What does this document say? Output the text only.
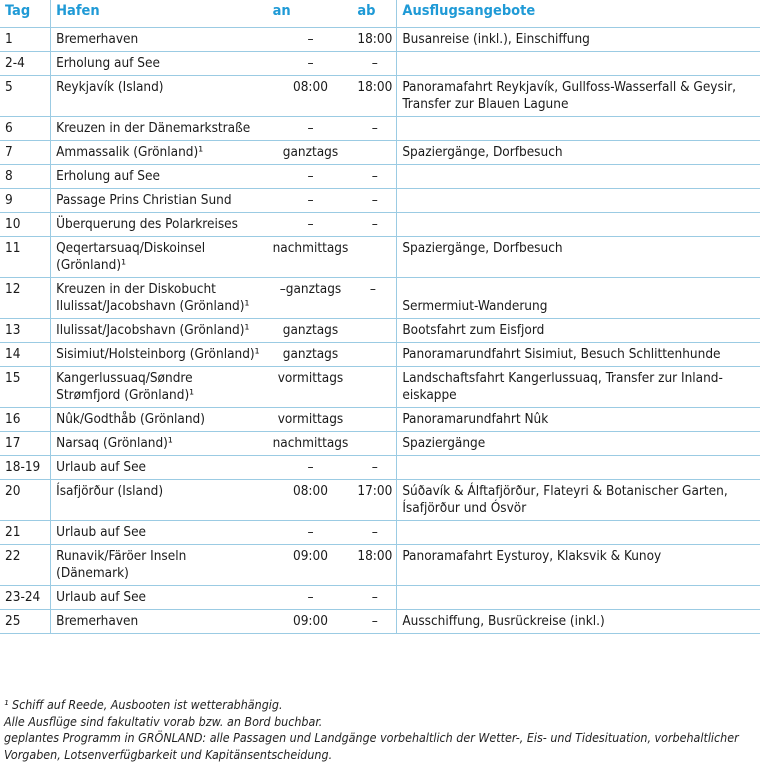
Tag	Hafen	an	ab	Ausflugsangebote
1	Bremerhaven	–	18:00	Busanreise (inkl.), Einschiffung

2-4	Erholung auf See	–	–	

5	Reykjavík (Island)	08:00	18:00	Panoramafahrt Reykjavík, Gullfoss-Wasserfall & Geysir,
Transfer zur Blauen Lagune

6	Kreuzen in der Dänemarkstraße	–	–	

7	Ammassalik (Grönland)¹	ganztags		Spaziergänge, Dorfbesuch

8	Erholung auf See	–	–	

9	Passage Prins Christian Sund	–	–	

10	Überquerung des Polarkreises	–	–	

11	Qeqertarsuaq/Diskoinsel
(Grönland)¹	nachmittags		Spaziergänge, Dorfbesuch

12	Kreuzen in der Diskobucht
Ilulissat/Jacobshavn (Grönland)¹	–ganztags	–	Sermermiut-Wanderung

13	Ilulissat/Jacobshavn (Grönland)¹	ganztags		Bootsfahrt zum Eisfjord

14	Sisimiut/Holsteinborg (Grönland)¹	ganztags		Panoramarundfahrt Sisimiut, Besuch Schlittenhunde

15	Kangerlussuaq/Søndre
Strømfjord (Grönland)¹	vormittags		Landschaftsfahrt Kangerlussuaq, Transfer zur Inland-
eiskappe

16	Nûk/Godthåb (Grönland)	vormittags		Panoramarundfahrt Nûk

17	Narsaq (Grönland)¹	nachmittags		Spaziergänge

18-19	Urlaub auf See	–	–	

20	Ísafjörður (Island)	08:00	17:00	Súðavík & Álftafjörður, Flateyri & Botanischer Garten,
Ísafjörður und Ósvör

21	Urlaub auf See	–	–	

22	Runavik/Färöer Inseln
(Dänemark)	09:00	18:00	Panoramafahrt Eysturoy, Klaksvik & Kunoy

23-24	Urlaub auf See	–	–	

25	Bremerhaven	09:00	–	Ausschiffung, Busrückreise (inkl.)
¹ Schiff auf Reede, Ausbooten ist wetterabhängig.
Alle Ausflüge sind fakultativ vorab bzw. an Bord buchbar.
geplantes Programm in GRÖNLAND: alle Passagen und Landgänge vorbehaltlich der Wetter-, Eis- und Tidesituation, vorbehaltlicher Vorgaben, Lotsenverfügbarkeit und Kapitänsentscheidung.
